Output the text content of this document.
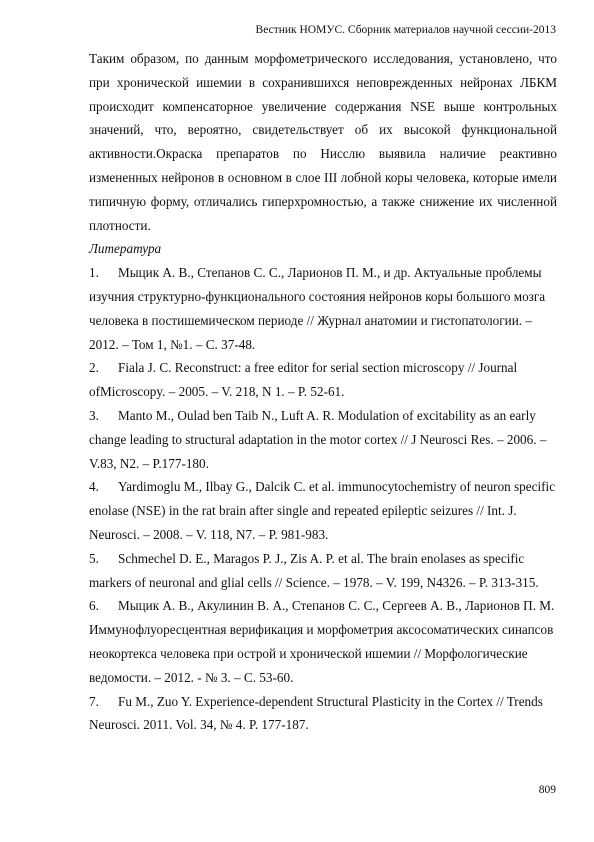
Вестник НОМУС. Сборник материалов научной сессии-2013

Таким образом, по данным морфометрического исследования, установлено, что при хронической ишемии в сохранившихся неповрежденных нейронах ЛБКМ происходит компенсаторное увеличение содержания NSE выше контрольных значений, что, вероятно, свидетельствует об их высокой функциональной активности.Окраска препаратов по Нисслю выявила наличие реактивно измененных нейронов в основном в слое III лобной коры человека, которые имели типичную форму, отличались гиперхромностью, а также снижение их численной плотности.

Литература

1. Мыцик А. В., Степанов С. С., Ларионов П. М., и др. Актуальные проблемы изучния структурно-функционального состояния нейронов коры большого мозга человека в постишемическом периоде // Журнал анатомии и гистопатологии. – 2012. – Том 1, №1. – С. 37-48.
2. Fiala J. C. Reconstruct: a free editor for serial section microscopy // Journal ofMicroscopy. – 2005. – V. 218, N 1. – P. 52-61.
3. Manto M., Oulad ben Taib N., Luft A. R. Modulation of excitability as an early change leading to structural adaptation in the motor cortex // J Neurosci Res. – 2006. – V.83, N2. – P.177-180.
4. Yardimoglu M., Ilbay G., Dalcik C. et al. immunocytochemistry of neuron specific enolase (NSE) in the rat brain after single and repeated epileptic seizures // Int. J. Neurosci. – 2008. – V. 118, N7. – P. 981-983.
5. Schmechel D. E., Maragos P. J., Zis A. P. et al. The brain enolases as specific markers of neuronal and glial cells // Science. – 1978. – V. 199, N4326. – P. 313-315.
6. Мыцик А. В., Акулинин В. А., Степанов С. С., Сергеев А. В., Ларионов П. М. Иммунофлуоресцентная верификация и морфометрия аксосоматических синапсов неокортекса человека при острой и хронической ишемии // Морфологические ведомости. – 2012. - № 3. – С. 53-60.
7. Fu M., Zuo Y. Experience-dependent Structural Plasticity in the Cortex // Trends Neurosci. 2011. Vol. 34, № 4. P. 177-187.
809
